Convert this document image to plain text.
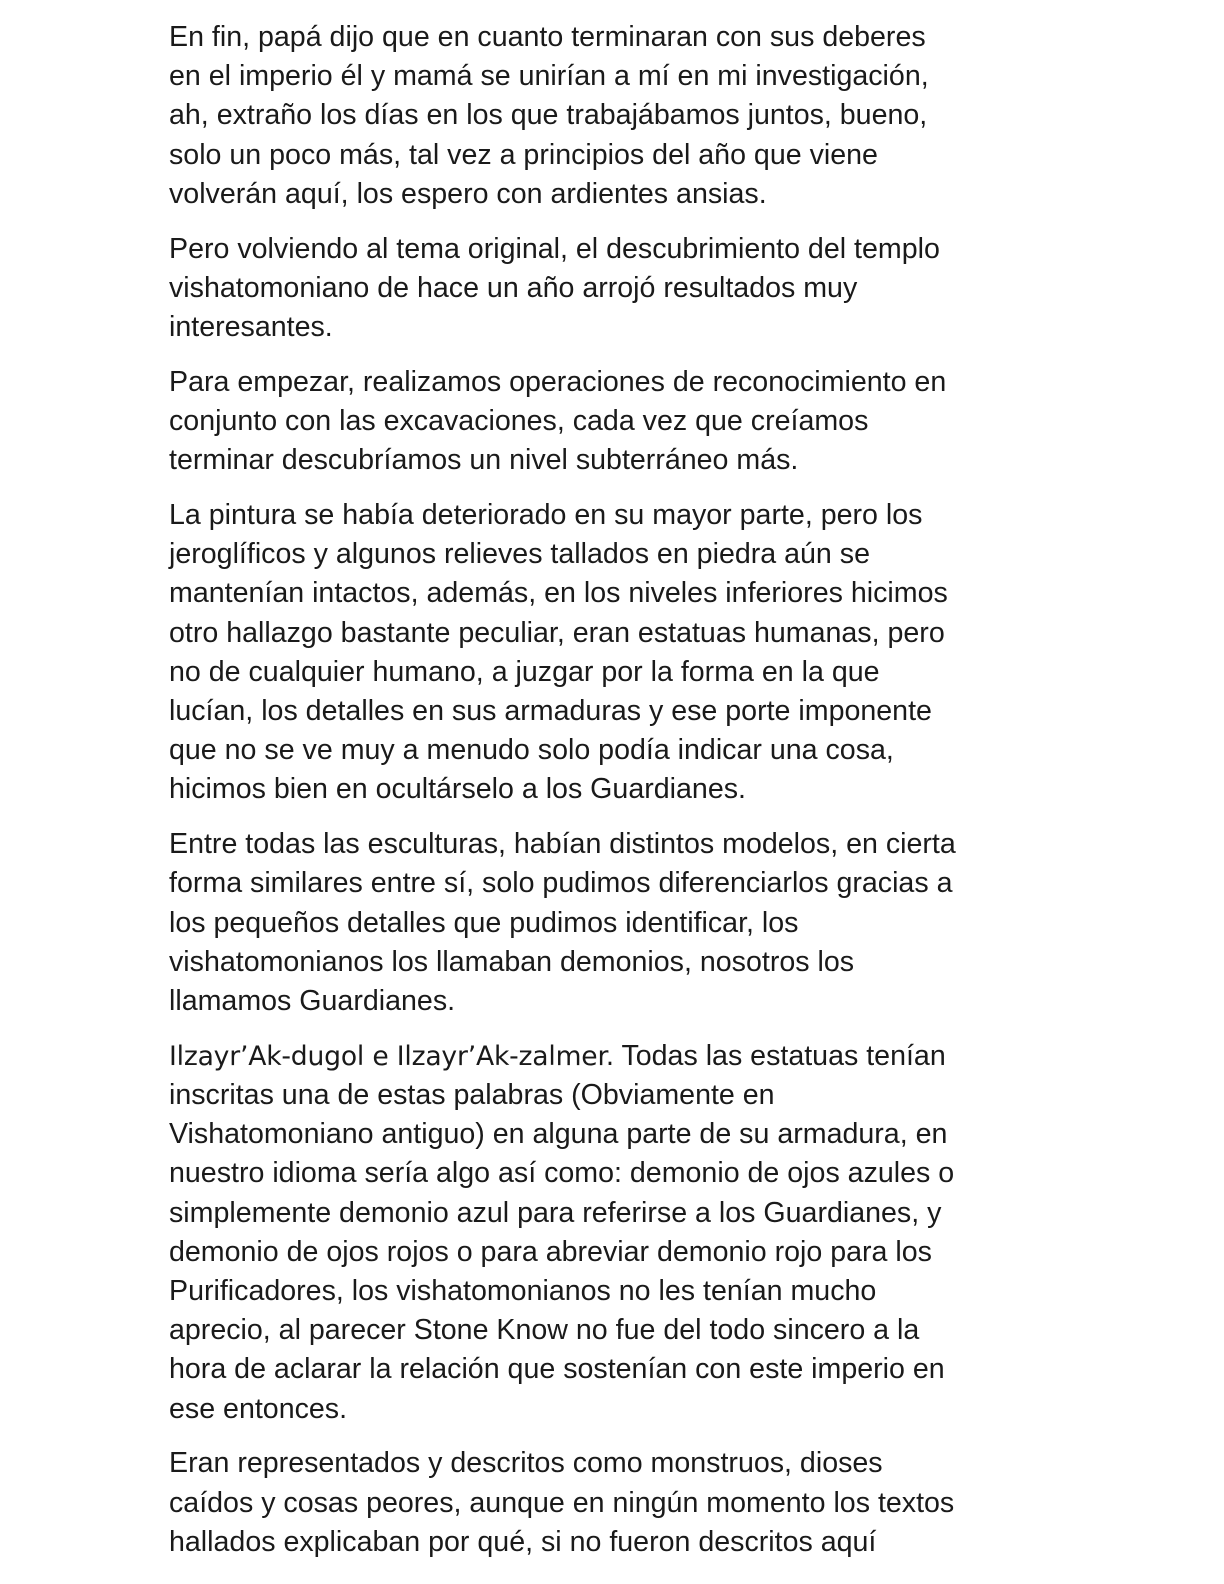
En fin, papá dijo que en cuanto terminaran con sus deberes
en el imperio él y mamá se unirían a mí en mi investigación,
ah, extraño los días en los que trabajábamos juntos, bueno,
solo un poco más, tal vez a principios del año que viene
volverán aquí, los espero con ardientes ansias.
Pero volviendo al tema original, el descubrimiento del templo
vishatomoniano de hace un año arrojó resultados muy
interesantes.
Para empezar, realizamos operaciones de reconocimiento en
conjunto con las excavaciones, cada vez que creíamos
terminar descubríamos un nivel subterráneo más.
La pintura se había deteriorado en su mayor parte, pero los
jeroglíficos y algunos relieves tallados en piedra aún se
mantenían intactos, además, en los niveles inferiores hicimos
otro hallazgo bastante peculiar, eran estatuas humanas, pero
no de cualquier humano, a juzgar por la forma en la que
lucían, los detalles en sus armaduras y ese porte imponente
que no se ve muy a menudo solo podía indicar una cosa,
hicimos bien en ocultárselo a los Guardianes.
Entre todas las esculturas, habían distintos modelos, en cierta
forma similares entre sí, solo pudimos diferenciarlos gracias a
los pequeños detalles que pudimos identificar, los
vishatomonianos los llamaban demonios, nosotros los
llamamos Guardianes.
Ilzayr’Ak-dugol e Ilzayr’Ak-zalmer. Todas las estatuas tenían
inscritas una de estas palabras (Obviamente en
Vishatomoniano antiguo) en alguna parte de su armadura, en
nuestro idioma sería algo así como: demonio de ojos azules o
simplemente demonio azul para referirse a los Guardianes, y
demonio de ojos rojos o para abreviar demonio rojo para los
Purificadores, los vishatomonianos no les tenían mucho
aprecio, al parecer Stone Know no fue del todo sincero a la
hora de aclarar la relación que sostenían con este imperio en
ese entonces.
Eran representados y descritos como monstruos, dioses
caídos y cosas peores, aunque en ningún momento los textos
hallados explicaban por qué, si no fueron descritos aquí
